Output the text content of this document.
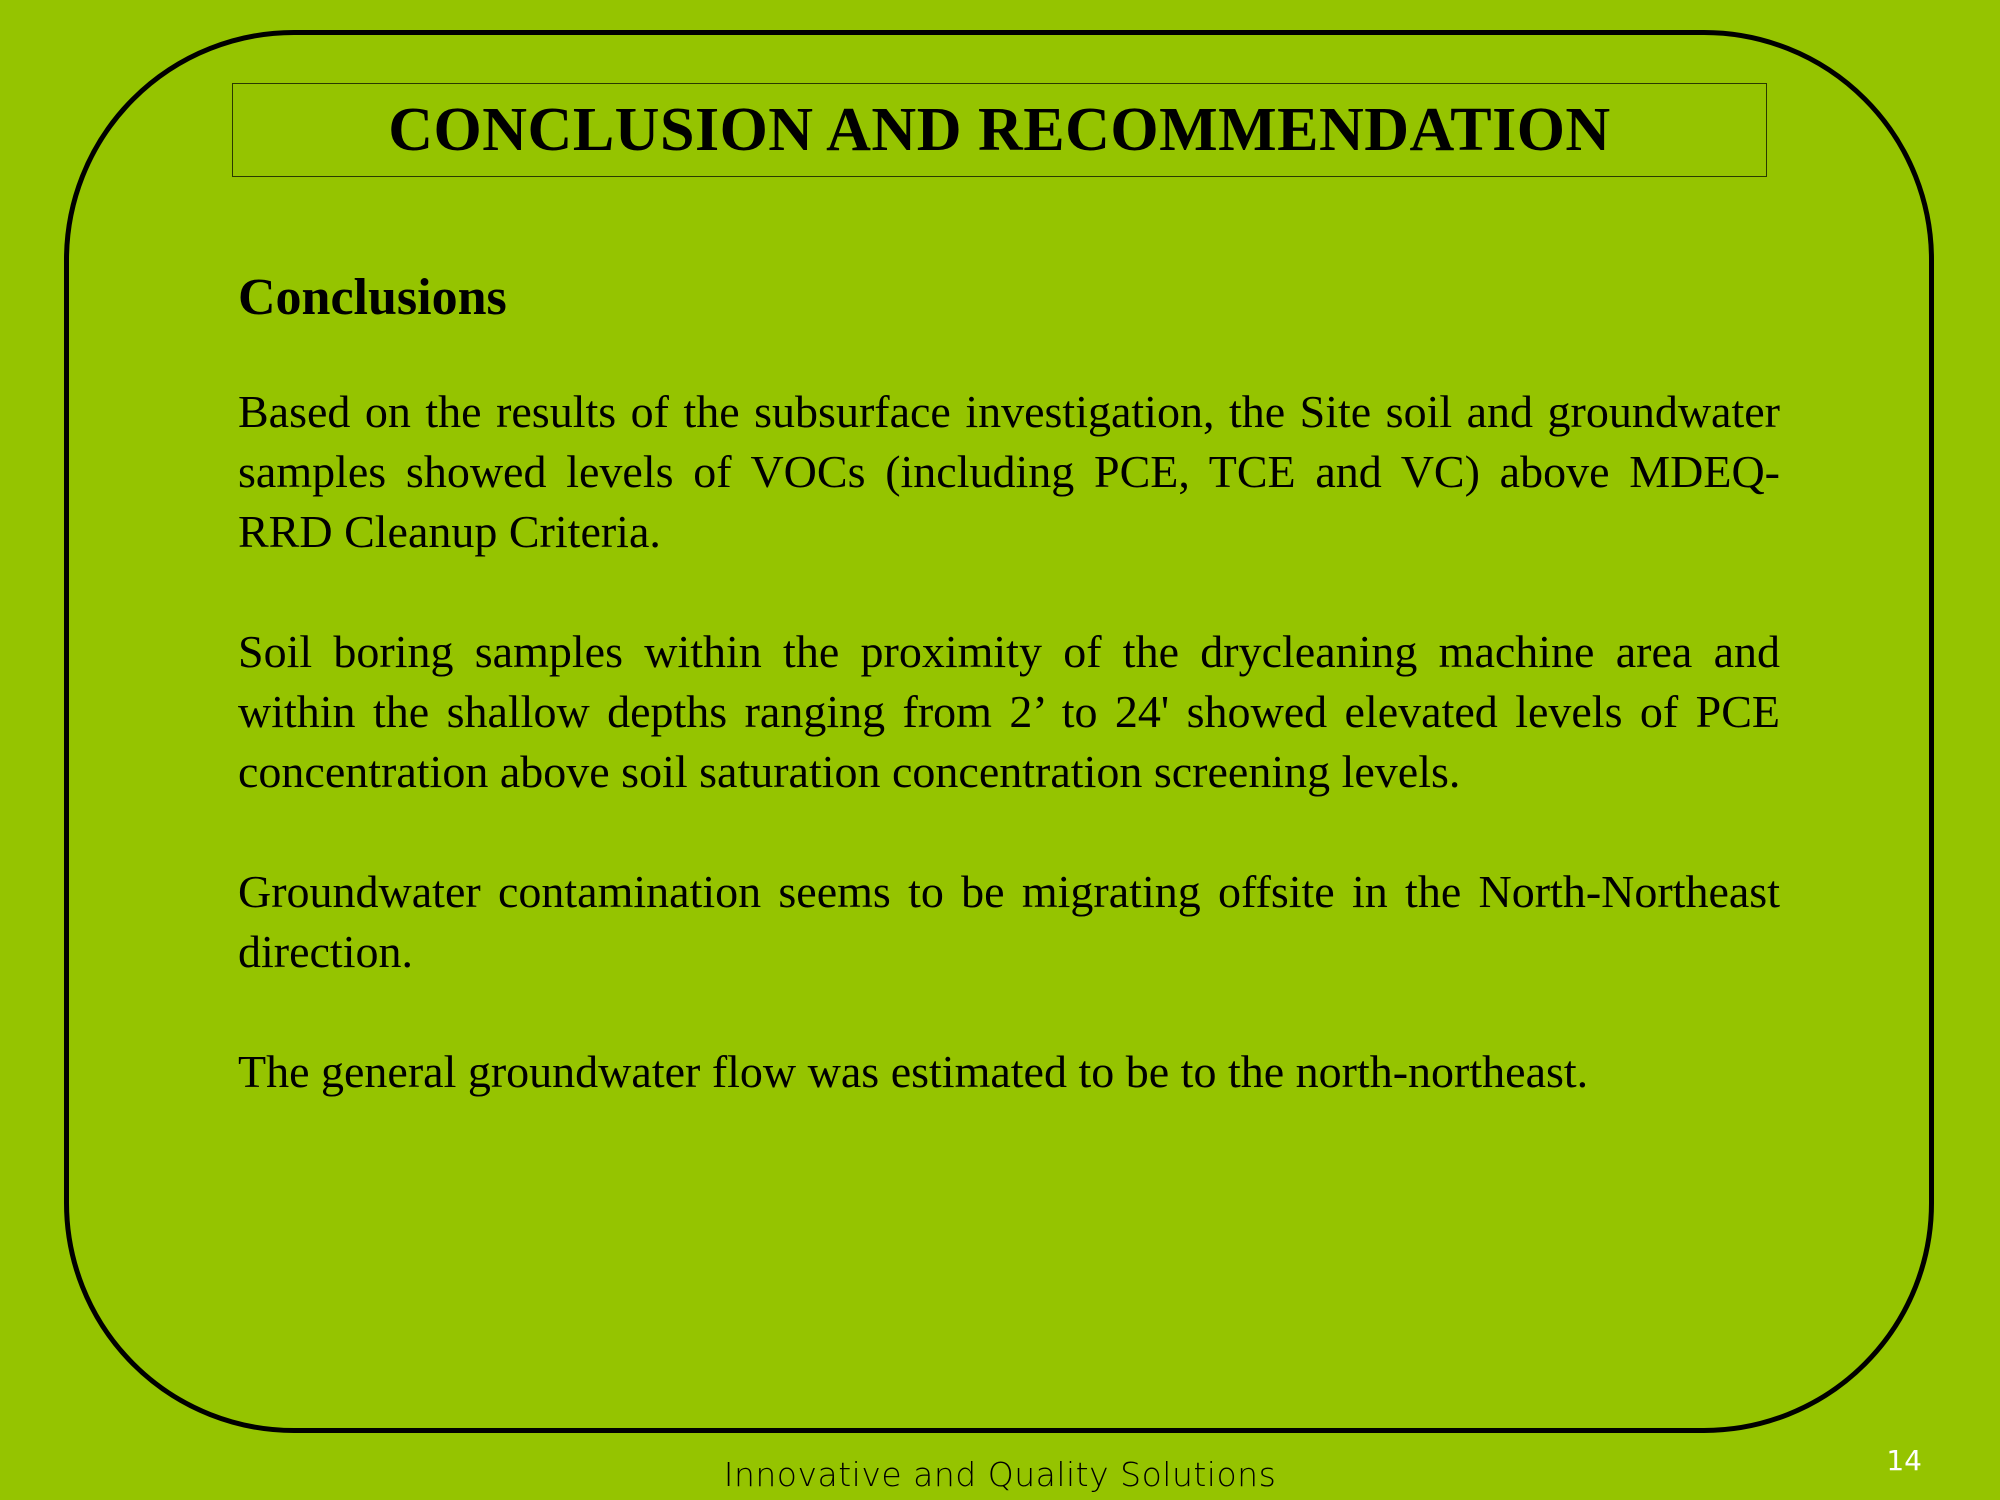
CONCLUSION AND RECOMMENDATION
Conclusions

Based on the results of the subsurface investigation, the Site soil and groundwater samples showed levels of VOCs (including PCE, TCE and VC) above MDEQ-RRD Cleanup Criteria.

Soil boring samples within the proximity of the drycleaning machine area and within the shallow depths ranging from 2’ to 24' showed elevated levels of PCE concentration above soil saturation concentration screening levels.

Groundwater contamination seems to be migrating offsite in the North-Northeast direction.

The general groundwater flow was estimated to be to the north-northeast.

Innovative and Quality Solutions	14
